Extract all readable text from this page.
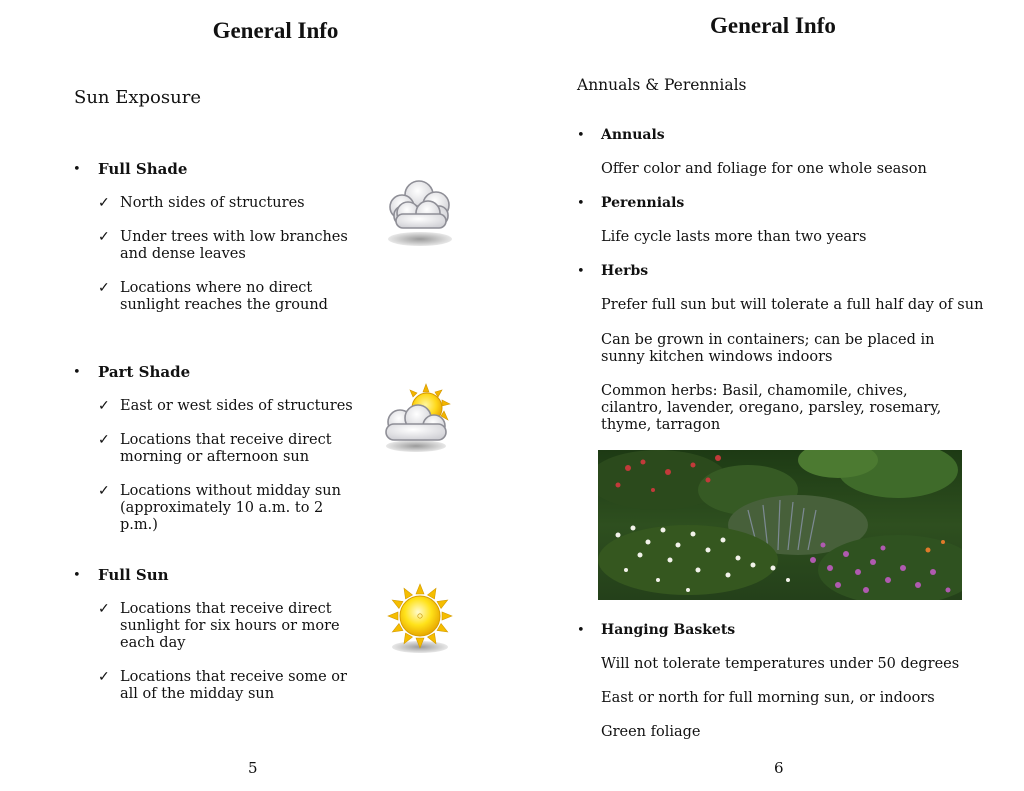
General Info
Sun Exposure
• Full Shade
✓ North sides of structures
✓ Under trees with low branches and dense leaves
✓ Locations where no direct sunlight reaches the ground
• Part Shade
✓ East or west sides of structures
✓ Locations that receive direct morning or afternoon sun
✓ Locations without midday sun (approximately 10 a.m. to 2 p.m.)
• Full Sun
✓ Locations that receive direct sunlight for six hours or more each day
✓ Locations that receive some or all of the midday sun
5
General Info
Annuals & Perennials
• Annuals
Offer color and foliage for one whole season
• Perennials
Life cycle lasts more than two years
• Herbs
Prefer full sun but will tolerate a full half day of sun
Can be grown in containers; can be placed in sunny kitchen windows indoors
Common herbs: Basil, chamomile, chives, cilantro, lavender, oregano, parsley, rosemary, thyme, tarragon
• Hanging Baskets
Will not tolerate temperatures under 50 degrees
East or north for full morning sun, or indoors
Green foliage
6
